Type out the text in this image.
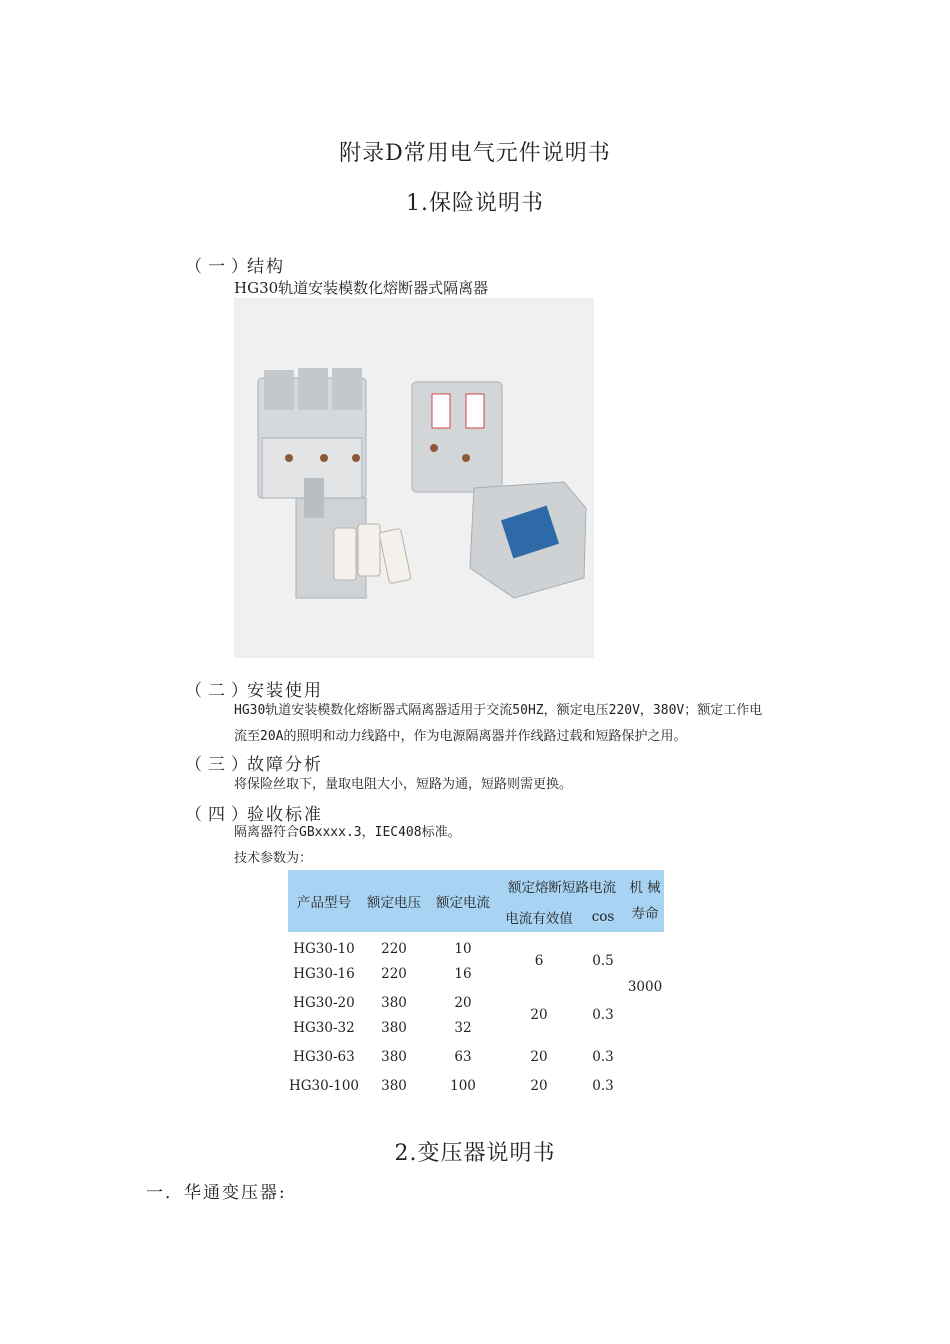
附录D常用电气元件说明书
1.保险说明书
（一）结构
HG30轨道安装模数化熔断器式隔离器
（二）安装使用
HG30轨道安装模数化熔断器式隔离器适用于交流50HZ，额定电压220V，380V；额定工作电
流至20A的照明和动力线路中，作为电源隔离器并作线路过载和短路保护之用。
（三）故障分析
将保险丝取下，量取电阻大小，短路为通，短路则需更换。
（四）验收标准
隔离器符合GBxxxx.3，IEC408标准。
技术参数为：
产品型号	额定电压	额定电流	额定熔断短路电流		机 械 寿命
			电流有效值	cos	

HG30-10	220	10	6	0.5	3000
HG30-16	220	16			

HG30-20	380	20	20	0.3	
HG30-32	380	32			

HG30-63	380	63	20	0.3	

HG30-100	380	100	20	0.3	
2.变压器说明书
一．华通变压器:
